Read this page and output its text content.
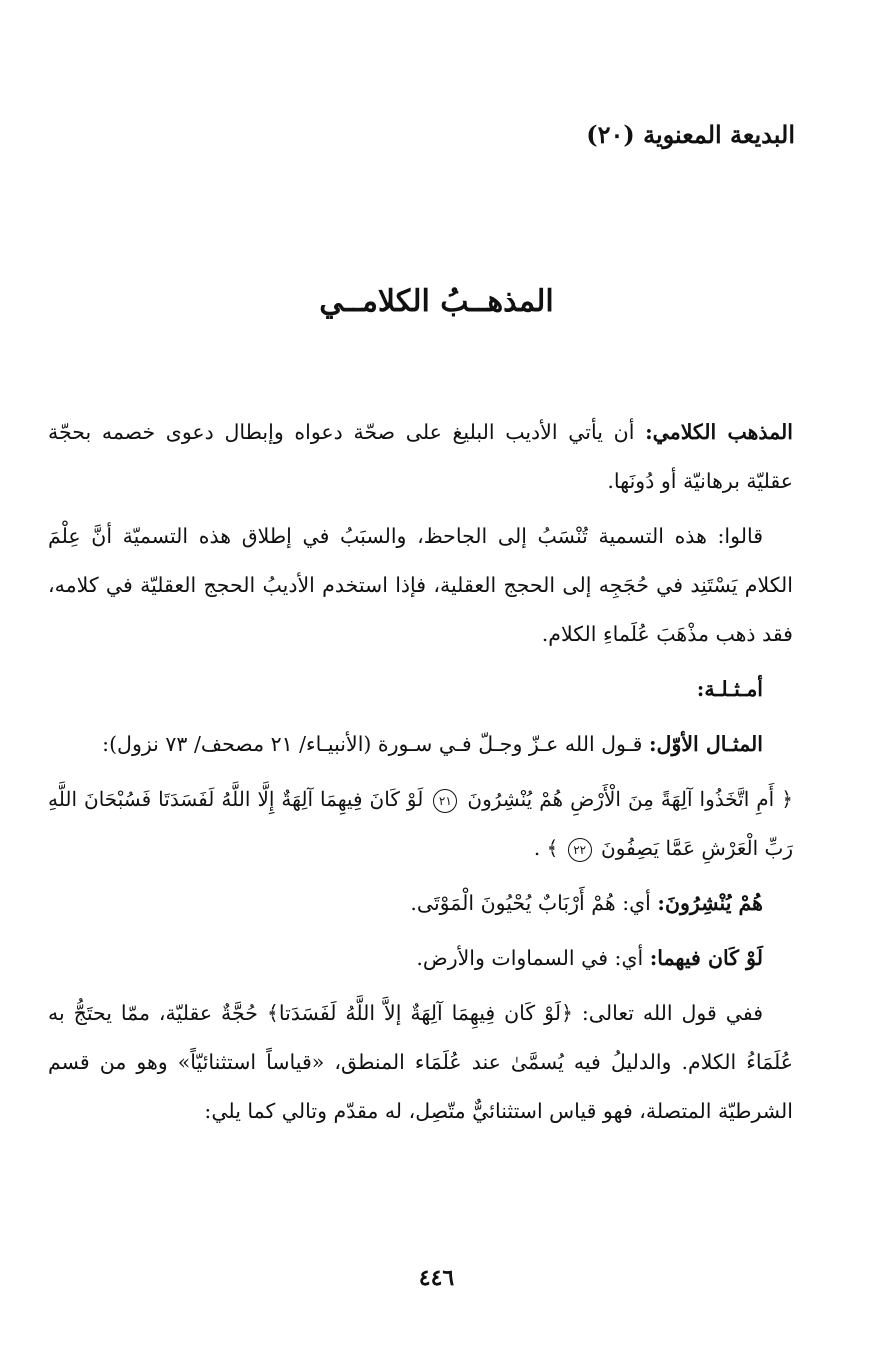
البديعة المعنوية (٢٠)
المذهــبُ الكلامــي

المذهب الكلامي: أن يأتي الأديب البليغ على صحّة دعواه وإبطال دعوى خصمه بحجّة عقليّة برهانيّة أو دُونَها.

قالوا: هذه التسمية تُنْسَبُ إلى الجاحظ، والسبَبُ في إطلاق هذه التسميّة أنَّ عِلْمَ الكلام يَسْتَنِد في حُجَجِه إلى الحجج العقلية، فإذا استخدم الأديبُ الحجج العقليّة في كلامه، فقد ذهب مذْهَبَ عُلَماءِ الكلام.

أمـثـلـة:

المثـال الأوّل: قـول الله عـزّ وجـلّ فـي سـورة (الأنبيـاء/ ٢١ مصحف/ ٧٣ نزول):

﴿ أَمِ اتَّخَذُوا آلِهَةً مِنَ الْأَرْضِ هُمْ يُنْشِرُونَ ٢١ لَوْ كَانَ فِيهِمَا آلِهَةٌ إِلَّا اللَّهُ لَفَسَدَتَا فَسُبْحَانَ اللَّهِ رَبِّ الْعَرْشِ عَمَّا يَصِفُونَ ٢٢ ﴾ .

هُمْ يُنْشِرُونَ: أي: هُمْ أَرْبَابٌ يُحْيُونَ الْمَوْتَى.

لَوْ كَان فيهما: أي: في السماوات والأرض.

ففي قول الله تعالى: ﴿لَوْ كَان فِيهِمَا آلِهَةٌ إلاَّ اللَّهُ لَفَسَدَتا﴾ حُجَّةٌ عقليّة، ممّا يحتَجُّ به عُلَمَاءُ الكلام. والدليلُ فيه يُسمَّىٰ عند عُلَمَاء المنطق، «قياساً استثنائيّاً» وهو من قسم الشرطيّة المتصلة، فهو قياس استثنائيٌّ متّصِل، له مقدّم وتالي كما يلي:

٤٤٦
